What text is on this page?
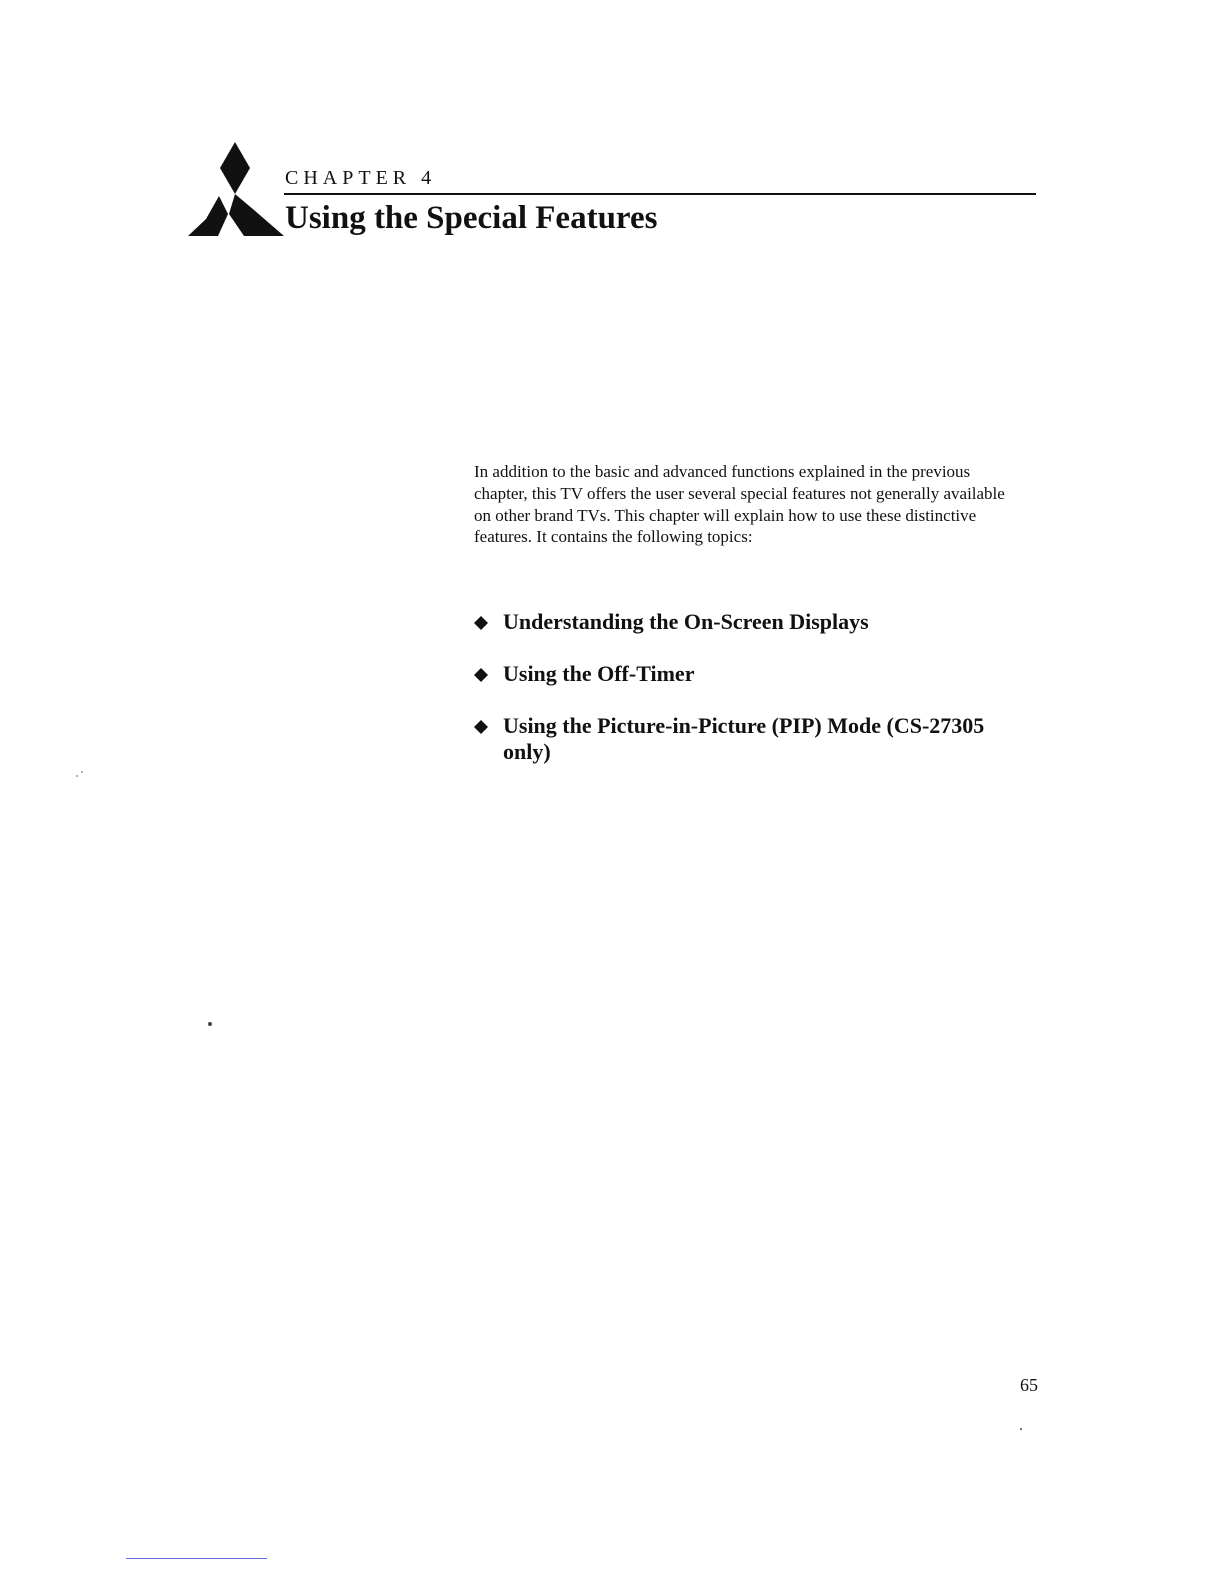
CHAPTER 4
Using the Special Features

In addition to the basic and advanced functions explained in the previous chapter, this TV offers the user several special features not generally available on other brand TVs. This chapter will explain how to use these distinctive features. It contains the following topics:

Understanding the On-Screen Displays
Using the Off-Timer
Using the Picture-in-Picture (PIP) Mode (CS-27305 only)
65
